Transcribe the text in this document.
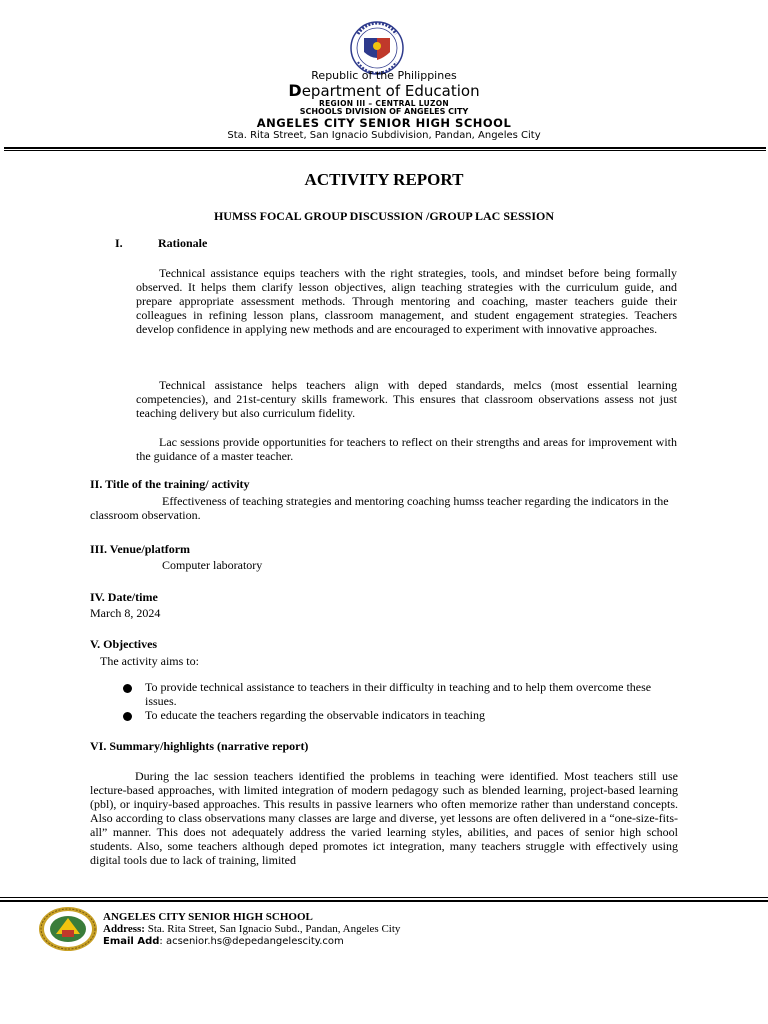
Republic of the Philippines
Department of Education
REGION III – CENTRAL LUZON
SCHOOLS DIVISION OF ANGELES CITY
ANGELES CITY SENIOR HIGH SCHOOL
Sta. Rita Street, San Ignacio Subdivision, Pandan, Angeles City
ACTIVITY REPORT
HUMSS FOCAL GROUP DISCUSSION /GROUP LAC SESSION
I.	Rationale
Technical assistance equips teachers with the right strategies, tools, and mindset before being formally observed. It helps them clarify lesson objectives, align teaching strategies with the curriculum guide, and prepare appropriate assessment methods. Through mentoring and coaching, master teachers guide their colleagues in refining lesson plans, classroom management, and student engagement strategies. Teachers develop confidence in applying new methods and are encouraged to experiment with innovative approaches.
Technical assistance helps teachers align with deped standards, melcs (most essential learning competencies), and 21st-century skills framework. This ensures that classroom observations assess not just teaching delivery but also curriculum fidelity.
Lac sessions provide opportunities for teachers to reflect on their strengths and areas for improvement with the guidance of a master teacher.
II. Title of the training/ activity
Effectiveness of teaching strategies and mentoring coaching humss teacher regarding the indicators in the classroom observation.
III. Venue/platform
Computer laboratory
IV. Date/time
March 8, 2024
V. Objectives
The activity aims to:
To provide technical assistance to teachers in their difficulty in teaching and to help them overcome these issues.
To educate the teachers regarding the observable indicators in teaching
VI. Summary/highlights (narrative report)
During the lac session teachers identified the problems in teaching were identified. Most teachers still use lecture-based approaches, with limited integration of modern pedagogy such as blended learning, project-based learning (pbl), or inquiry-based approaches. This results in passive learners who often memorize rather than understand concepts. Also according to class observations many classes are large and diverse, yet lessons are often delivered in a “one-size-fits-all” manner. This does not adequately address the varied learning styles, abilities, and paces of senior high school students. Also, some teachers although deped promotes ict integration, many teachers struggle with effectively using digital tools due to lack of training, limited
ANGELES CITY SENIOR HIGH SCHOOL
Address: Sta. Rita Street, San Ignacio Subd., Pandan, Angeles City
Email Add: acsenior.hs@depedangelescity.com
